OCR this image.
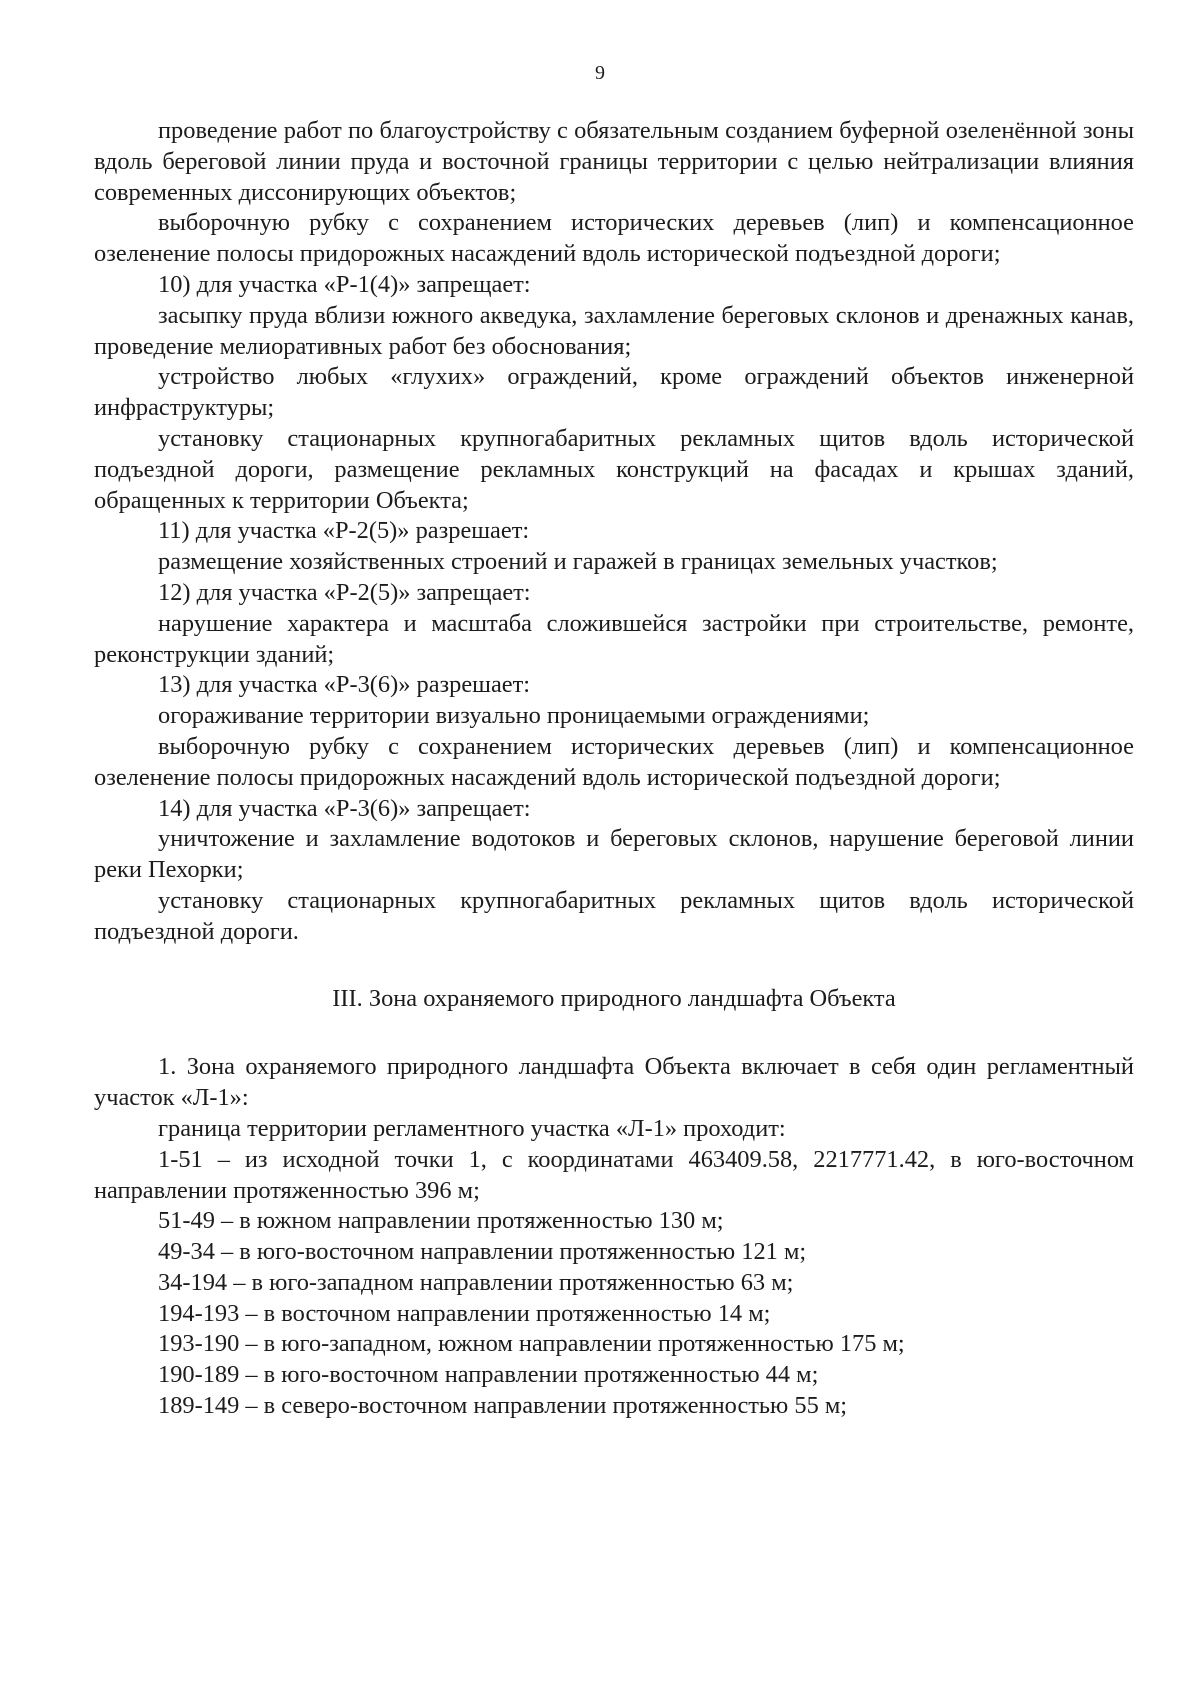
9

проведение работ по благоустройству с обязательным созданием буферной озеленённой зоны вдоль береговой линии пруда и восточной границы территории с целью нейтрализации влияния современных диссонирующих объектов;

выборочную рубку с сохранением исторических деревьев (лип) и компенсационное озеленение полосы придорожных насаждений вдоль исторической подъездной дороги;

10) для участка «Р-1(4)» запрещает:

засыпку пруда вблизи южного акведука, захламление береговых склонов и дренажных канав, проведение мелиоративных работ без обоснования;

устройство любых «глухих» ограждений, кроме ограждений объектов инженерной инфраструктуры;

установку стационарных крупногабаритных рекламных щитов вдоль исторической подъездной дороги, размещение рекламных конструкций на фасадах и крышах зданий, обращенных к территории Объекта;

11) для участка «Р-2(5)» разрешает:

размещение хозяйственных строений и гаражей в границах земельных участков;

12) для участка «Р-2(5)» запрещает:

нарушение характера и масштаба сложившейся застройки при строительстве, ремонте, реконструкции зданий;

13) для участка «Р-3(6)» разрешает:

огораживание территории визуально проницаемыми ограждениями;

выборочную рубку с сохранением исторических деревьев (лип) и компенсационное озеленение полосы придорожных насаждений вдоль исторической подъездной дороги;

14) для участка «Р-3(6)» запрещает:

уничтожение и захламление водотоков и береговых склонов, нарушение береговой линии реки Пехорки;

установку стационарных крупногабаритных рекламных щитов вдоль исторической подъездной дороги.

III. Зона охраняемого природного ландшафта Объекта

1. Зона охраняемого природного ландшафта Объекта включает в себя один регламентный участок «Л-1»:

граница территории регламентного участка «Л-1» проходит:

1-51 – из исходной точки 1, с координатами 463409.58, 2217771.42, в юго-восточном направлении протяженностью 396 м;

51-49 – в южном направлении протяженностью 130 м;

49-34 – в юго-восточном направлении протяженностью 121 м;

34-194 – в юго-западном направлении протяженностью 63 м;

194-193 – в восточном направлении протяженностью 14 м;

193-190 – в юго-западном, южном направлении протяженностью 175 м;

190-189 – в юго-восточном направлении протяженностью 44 м;

189-149 – в северо-восточном направлении протяженностью 55 м;
